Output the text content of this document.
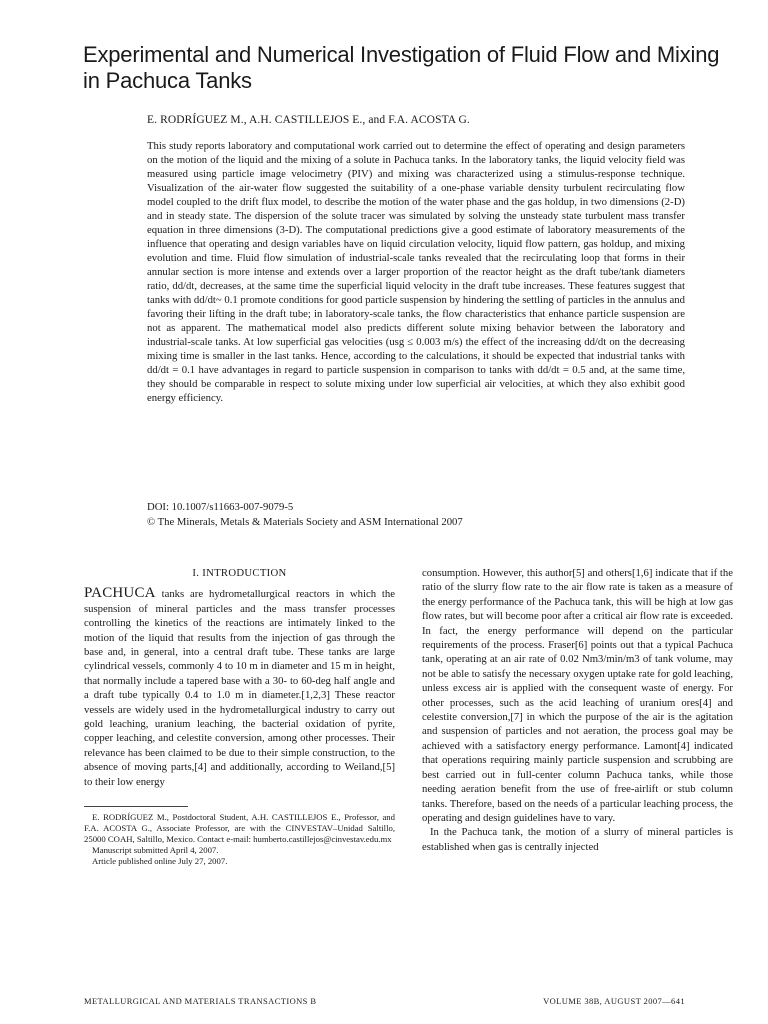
Experimental and Numerical Investigation of Fluid Flow and Mixing in Pachuca Tanks

E. RODRÍGUEZ M., A.H. CASTILLEJOS E., and F.A. ACOSTA G.

This study reports laboratory and computational work carried out to determine the effect of operating and design parameters on the motion of the liquid and the mixing of a solute in Pachuca tanks. In the laboratory tanks, the liquid velocity field was measured using particle image velocimetry (PIV) and mixing was characterized using a stimulus-response technique. Visualization of the air-water flow suggested the suitability of a one-phase variable density turbulent recirculating flow model coupled to the drift flux model, to describe the motion of the water phase and the gas holdup, in two dimensions (2-D) and in steady state. The dispersion of the solute tracer was simulated by solving the unsteady state turbulent mass transfer equation in three dimensions (3-D). The computational predictions give a good estimate of laboratory measurements of the influence that operating and design variables have on liquid circulation velocity, liquid flow pattern, gas holdup, and mixing evolution and time. Fluid flow simulation of industrial-scale tanks revealed that the recirculating loop that forms in their annular section is more intense and extends over a larger proportion of the reactor height as the draft tube/tank diameters ratio, dd/dt, decreases, at the same time the superficial liquid velocity in the draft tube increases. These features suggest that tanks with dd/dt~ 0.1 promote conditions for good particle suspension by hindering the settling of particles in the annulus and favoring their lifting in the draft tube; in laboratory-scale tanks, the flow characteristics that enhance particle suspension are not as apparent. The mathematical model also predicts different solute mixing behavior between the laboratory and industrial-scale tanks. At low superficial gas velocities (usg ≤ 0.003 m/s) the effect of the increasing dd/dt on the decreasing mixing time is smaller in the last tanks. Hence, according to the calculations, it should be expected that industrial tanks with dd/dt = 0.1 have advantages in regard to particle suspension in comparison to tanks with dd/dt = 0.5 and, at the same time, they should be comparable in respect to solute mixing under low superficial air velocities, at which they also exhibit good energy efficiency.

DOI: 10.1007/s11663-007-9079-5
© The Minerals, Metals & Materials Society and ASM International 2007
I. INTRODUCTION

PACHUCA tanks are hydrometallurgical reactors in which the suspension of mineral particles and the mass transfer processes controlling the kinetics of the reactions are intimately linked to the motion of the liquid that results from the injection of gas through the base and, in general, into a central draft tube. These tanks are large cylindrical vessels, commonly 4 to 10 m in diameter and 15 m in height, that normally include a tapered base with a 30- to 60-deg half angle and a draft tube typically 0.4 to 1.0 m in diameter.[1,2,3] These reactor vessels are widely used in the hydrometallurgical industry to carry out gold leaching, uranium leaching, the bacterial oxidation of pyrite, copper leaching, and celestite conversion, among other processes. Their relevance has been claimed to be due to their simple construction, to the absence of moving parts,[4] and additionally, according to Weiland,[5] to their low energy

E. RODRÍGUEZ M., Postdoctoral Student, A.H. CASTILLEJOS E., Professor, and F.A. ACOSTA G., Associate Professor, are with the CINVESTAV–Unidad Saltillo, 25000 COAH, Saltillo, Mexico. Contact e-mail: humberto.castillejos@cinvestav.edu.mx

Manuscript submitted April 4, 2007.

Article published online July 27, 2007.

consumption. However, this author[5] and others[1,6] indicate that if the ratio of the slurry flow rate to the air flow rate is taken as a measure of the energy performance of the Pachuca tank, this will be high at low gas flow rates, but will become poor after a critical air flow rate is exceeded. In fact, the energy performance will depend on the particular requirements of the process. Fraser[6] points out that a typical Pachuca tank, operating at an air rate of 0.02 Nm3/min/m3 of tank volume, may not be able to satisfy the necessary oxygen uptake rate for gold leaching, unless excess air is applied with the consequent waste of energy. For other processes, such as the acid leaching of uranium ores[4] and celestite conversion,[7] in which the purpose of the air is the agitation and suspension of particles and not aeration, the process goal may be achieved with a satisfactory energy performance. Lamont[4] indicated that operations requiring mainly particle suspension and scrubbing are best carried out in full-center column Pachuca tanks, while those needing aeration benefit from the use of free-airlift or stub column tanks. Therefore, based on the needs of a particular leaching process, the operating and design guidelines have to vary.

In the Pachuca tank, the motion of a slurry of mineral particles is established when gas is centrally injected

METALLURGICAL AND MATERIALS TRANSACTIONS B	VOLUME 38B, AUGUST 2007—641
